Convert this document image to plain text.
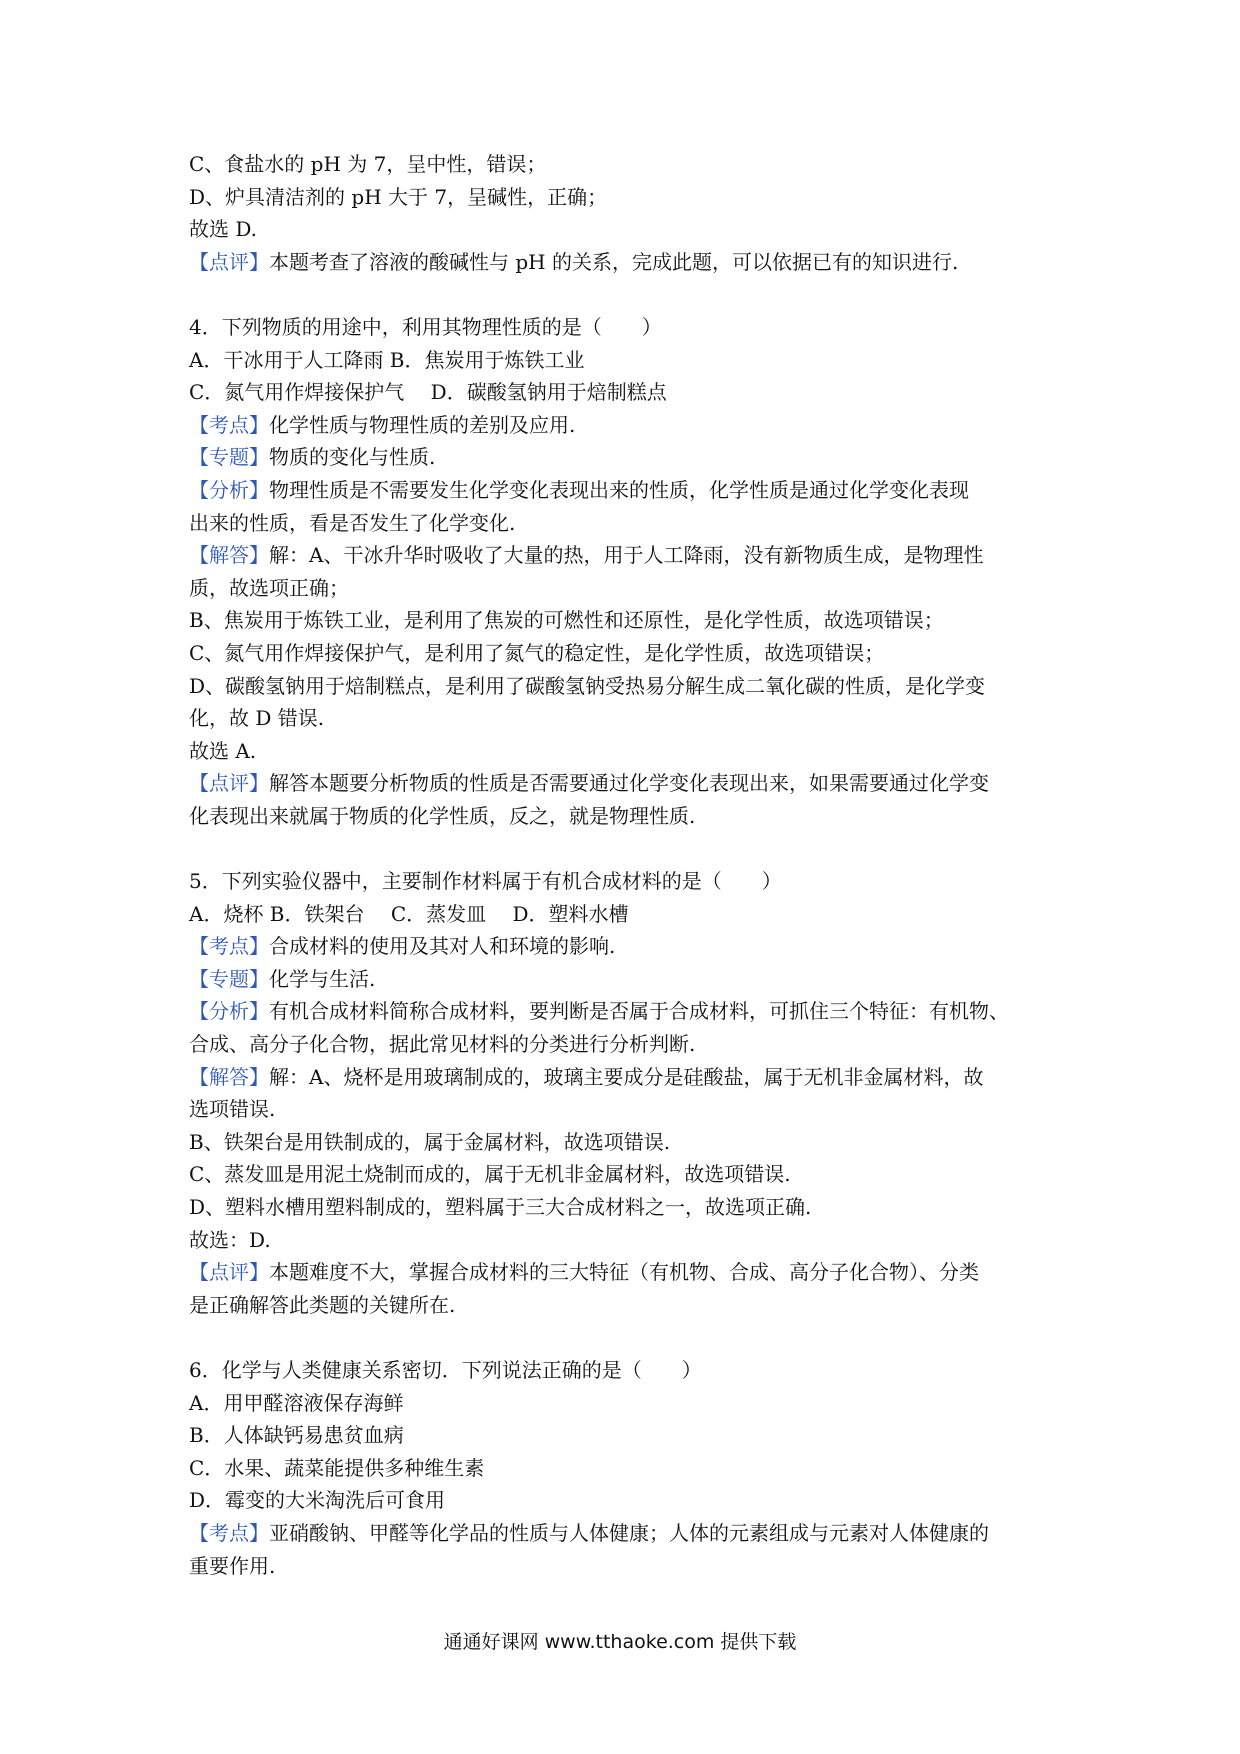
C、食盐水的 pH 为 7，呈中性，错误；
D、炉具清洁剂的 pH 大于 7，呈碱性，正确；
故选 D.
【点评】本题考查了溶液的酸碱性与 pH 的关系，完成此题，可以依据已有的知识进行.
4．下列物质的用途中，利用其物理性质的是（　　）
A．干冰用于人工降雨 B．焦炭用于炼铁工业
C．氮气用作焊接保护气　 D．碳酸氢钠用于焙制糕点
【考点】化学性质与物理性质的差别及应用.
【专题】物质的变化与性质.
【分析】物理性质是不需要发生化学变化表现出来的性质，化学性质是通过化学变化表现
出来的性质，看是否发生了化学变化.
【解答】解：A、干冰升华时吸收了大量的热，用于人工降雨，没有新物质生成，是物理性
质，故选项正确；
B、焦炭用于炼铁工业，是利用了焦炭的可燃性和还原性，是化学性质，故选项错误；
C、氮气用作焊接保护气，是利用了氮气的稳定性，是化学性质，故选项错误；
D、碳酸氢钠用于焙制糕点，是利用了碳酸氢钠受热易分解生成二氧化碳的性质，是化学变
化，故 D 错误.
故选 A.
【点评】解答本题要分析物质的性质是否需要通过化学变化表现出来，如果需要通过化学变
化表现出来就属于物质的化学性质，反之，就是物理性质.
5．下列实验仪器中，主要制作材料属于有机合成材料的是（　　）
A．烧杯 B．铁架台　 C．蒸发皿　 D．塑料水槽
【考点】合成材料的使用及其对人和环境的影响.
【专题】化学与生活.
【分析】有机合成材料简称合成材料，要判断是否属于合成材料，可抓住三个特征：有机物、
合成、高分子化合物，据此常见材料的分类进行分析判断.
【解答】解：A、烧杯是用玻璃制成的，玻璃主要成分是硅酸盐，属于无机非金属材料，故
选项错误.
B、铁架台是用铁制成的，属于金属材料，故选项错误.
C、蒸发皿是用泥土烧制而成的，属于无机非金属材料，故选项错误.
D、塑料水槽用塑料制成的，塑料属于三大合成材料之一，故选项正确.
故选：D.
【点评】本题难度不大，掌握合成材料的三大特征（有机物、合成、高分子化合物）、分类
是正确解答此类题的关键所在.
6．化学与人类健康关系密切．下列说法正确的是（　　）
A．用甲醛溶液保存海鲜
B．人体缺钙易患贫血病
C．水果、蔬菜能提供多种维生素
D．霉变的大米淘洗后可食用
【考点】亚硝酸钠、甲醛等化学品的性质与人体健康；人体的元素组成与元素对人体健康的
重要作用.
通通好课网 www.tthaoke.com 提供下载
